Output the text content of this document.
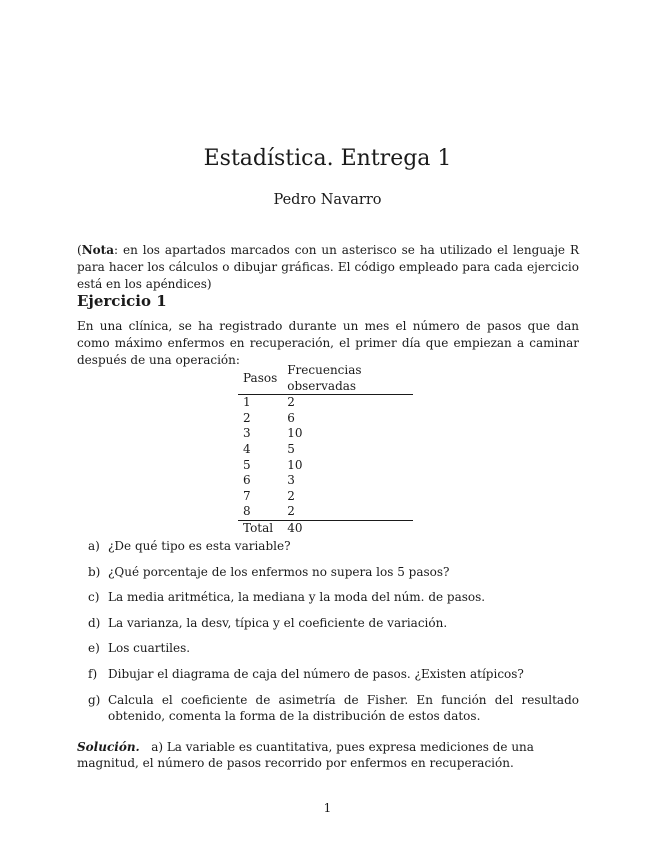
Estadística. Entrega 1
Pedro Navarro
(Nota: en los apartados marcados con un asterisco se ha utilizado el lenguaje R para hacer los cálculos o dibujar gráficas. El código empleado para cada ejercicio está en los apéndices)
Ejercicio 1
En una clínica, se ha registrado durante un mes el número de pasos que dan como máximo enfermos en recuperación, el primer día que empiezan a caminar después de una operación:
Pasos	Frecuencias observadas
1	2
2	6
3	10
4	5
5	10
6	3
7	2
8	2
Total	40
a) ¿De qué tipo es esta variable?
b) ¿Qué porcentaje de los enfermos no supera los 5 pasos?
c) La media aritmética, la mediana y la moda del núm. de pasos.
d) La varianza, la desv, típica y el coeficiente de variación.
e) Los cuartiles.
f) Dibujar el diagrama de caja del número de pasos. ¿Existen atípicos?
g) Calcula el coeficiente de asimetría de Fisher. En función del resultado obtenido, comenta la forma de la distribución de estos datos.
Solución. a) La variable es cuantitativa, pues expresa mediciones de una magnitud, el número de pasos recorrido por enfermos en recuperación.
1
